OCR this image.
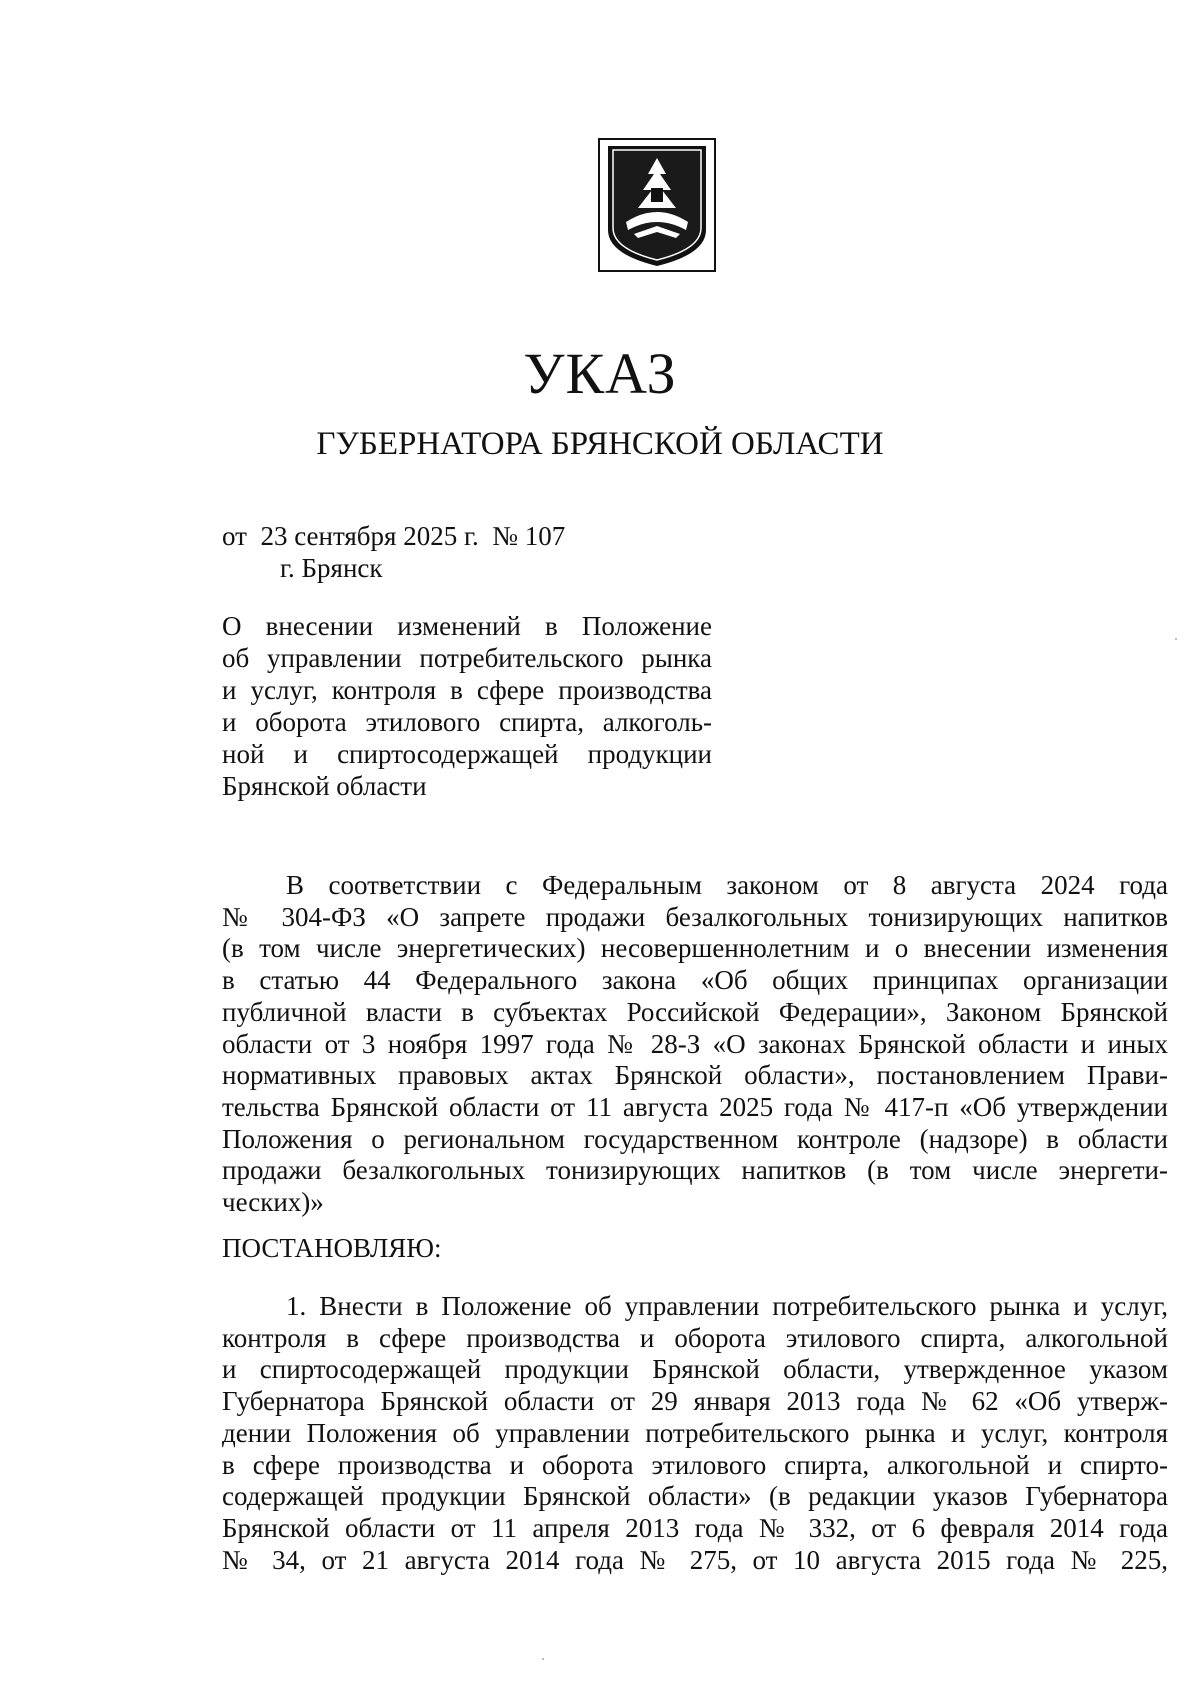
УКАЗ
ГУБЕРНАТОРА БРЯНСКОЙ ОБЛАСТИ
от  23 сентября 2025 г.  № 107
г. Брянск
О внесении изменений в Положение
об управлении потребительского рынка
и услуг, контроля в сфере производства
и оборота этилового спирта, алкоголь-
ной и спиртосодержащей продукции
Брянской области
В соответствии с Федеральным законом от 8 августа 2024 года
№ 304-ФЗ «О запрете продажи безалкогольных тонизирующих напитков
(в том числе энергетических) несовершеннолетним и о внесении изменения
в статью 44 Федерального закона «Об общих принципах организации
публичной власти в субъектах Российской Федерации», Законом Брянской
области от 3 ноября 1997 года № 28-З «О законах Брянской области и иных
нормативных правовых актах Брянской области», постановлением Прави-
тельства Брянской области от 11 августа 2025 года № 417-п «Об утверждении
Положения о региональном государственном контроле (надзоре) в области
продажи безалкогольных тонизирующих напитков (в том числе энергети-
ческих)»
ПОСТАНОВЛЯЮ:
1. Внести в Положение об управлении потребительского рынка и услуг,
контроля в сфере производства и оборота этилового спирта, алкогольной
и спиртосодержащей продукции Брянской области, утвержденное указом
Губернатора Брянской области от 29 января 2013 года № 62 «Об утверж-
дении Положения об управлении потребительского рынка и услуг, контроля
в сфере производства и оборота этилового спирта, алкогольной и спирто-
содержащей продукции Брянской области» (в редакции указов Губернатора
Брянской области от 11 апреля 2013 года № 332, от 6 февраля 2014 года
№ 34, от 21 августа 2014 года № 275, от 10 августа 2015 года № 225,
